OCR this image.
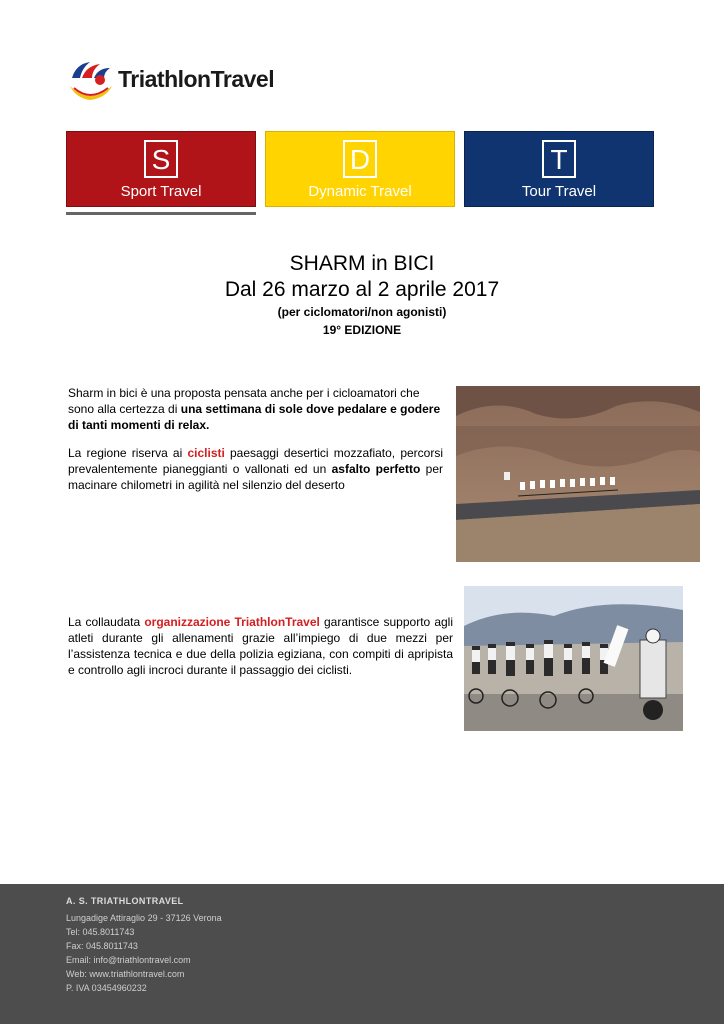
TriathlonTravel
S
Sport Travel
D
Dynamic Travel
T
Tour Travel
SHARM in BICI
Dal 26 marzo al 2 aprile 2017
(per ciclomatori/non agonisti)
19° EDIZIONE
Sharm in bici è una proposta pensata anche per i cicloamatori che sono alla certezza di una settimana di sole dove pedalare e godere di tanti momenti di relax.
La regione riserva ai ciclisti paesaggi desertici mozzafiato, percorsi prevalentemente pianeggianti o vallonati ed un asfalto perfetto per macinare chilometri in agilità nel silenzio del deserto
La collaudata organizzazione TriathlonTravel garantisce supporto agli atleti durante gli allenamenti grazie all’impiego di due mezzi per l’assistenza tecnica e due della polizia egiziana, con compiti di apripista e controllo agli incroci durante il passaggio dei ciclisti.
A. S. TRIATHLONTRAVEL
Lungadige Attiraglio 29 - 37126 Verona
Tel: 045.8011743
Fax: 045.8011743
Email: info@triathlontravel.com
Web: www.triathlontravel.com
P. IVA 03454960232
